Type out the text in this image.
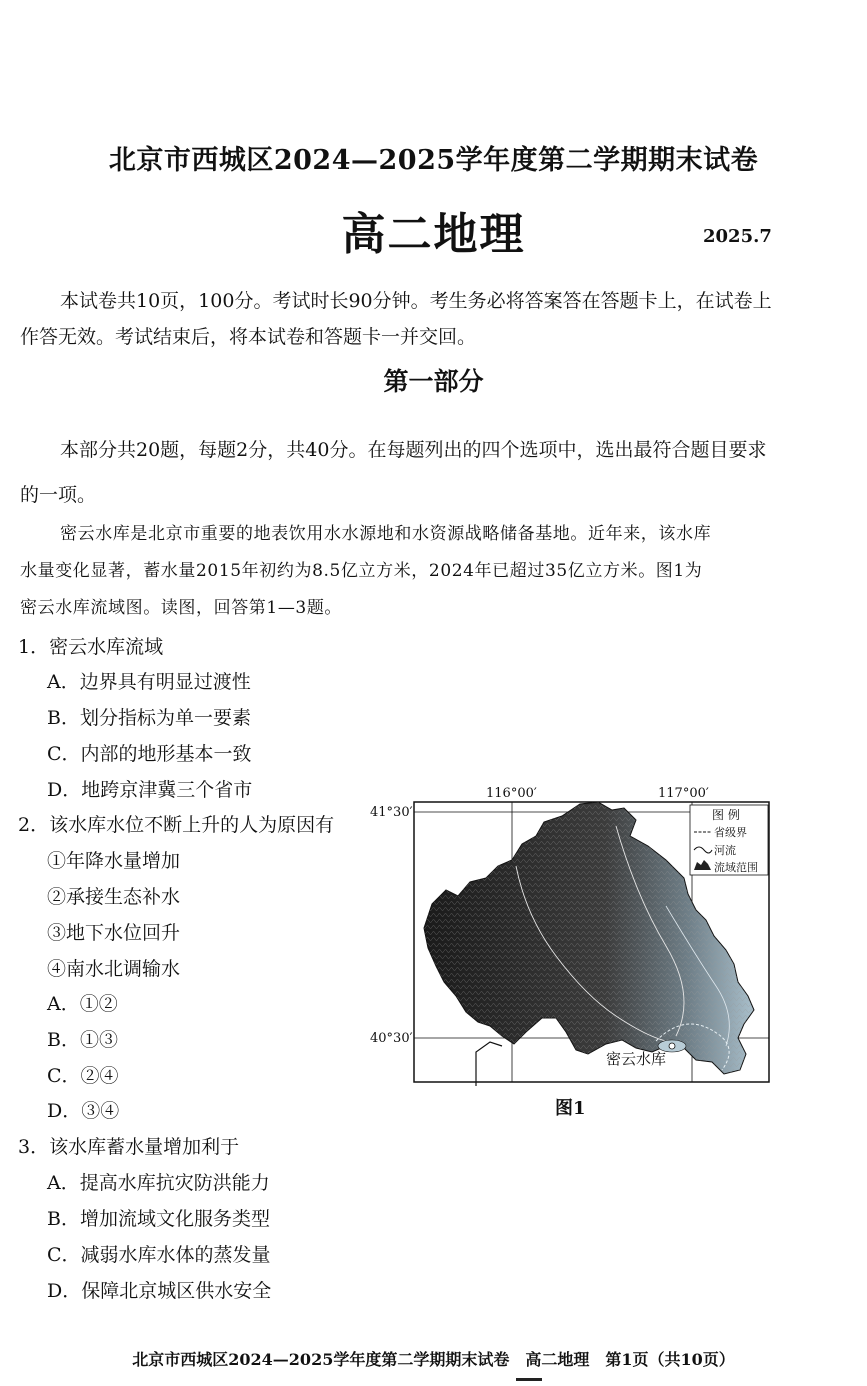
北京市西城区2024—2025学年度第二学期期末试卷
高二地理	2025.7
本试卷共10页，100分。考试时长90分钟。考生务必将答案答在答题卡上，在试卷上
作答无效。考试结束后，将本试卷和答题卡一并交回。
第一部分
本部分共20题，每题2分，共40分。在每题列出的四个选项中，选出最符合题目要求
的一项。
密云水库是北京市重要的地表饮用水水源地和水资源战略储备基地。近年来，该水库
水量变化显著，蓄水量2015年初约为8.5亿立方米，2024年已超过35亿立方米。图1为
密云水库流域图。读图，回答第1—3题。
1．密云水库流域
A．边界具有明显过渡性
B．划分指标为单一要素
C．内部的地形基本一致
D．地跨京津冀三个省市
2．该水库水位不断上升的人为原因有
①年降水量增加
②承接生态补水
③地下水位回升
④南水北调输水
A．①②
B．①③
C．②④
D．③④
3．该水库蓄水量增加利于
A．提高水库抗灾防洪能力
B．增加流域文化服务类型
C．减弱水库水体的蒸发量
D．保障北京城区供水安全
密云水库
116°00′	117°00′
41°30′
40°30′
图 例
省级界
河流
流域范围
图1
北京市西城区2024—2025学年度第二学期期末试卷　高二地理　第1页（共10页）
